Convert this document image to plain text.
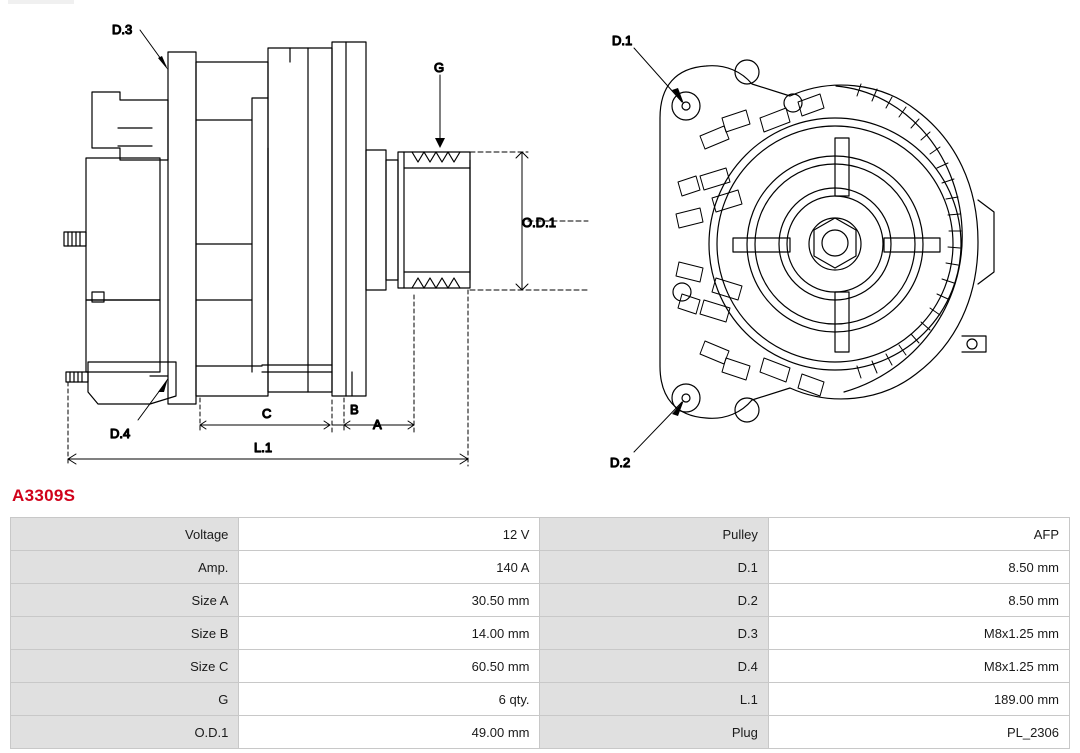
D.3
D.4
G
O.D.1
A
B
C
L.1
D.1
D.2
A3309S
Voltage	12 V	Pulley	AFP
Amp.	140 A	D.1	8.50 mm
Size A	30.50 mm	D.2	8.50 mm
Size B	14.00 mm	D.3	M8x1.25 mm
Size C	60.50 mm	D.4	M8x1.25 mm
G	6 qty.	L.1	189.00 mm
O.D.1	49.00 mm	Plug	PL_2306
